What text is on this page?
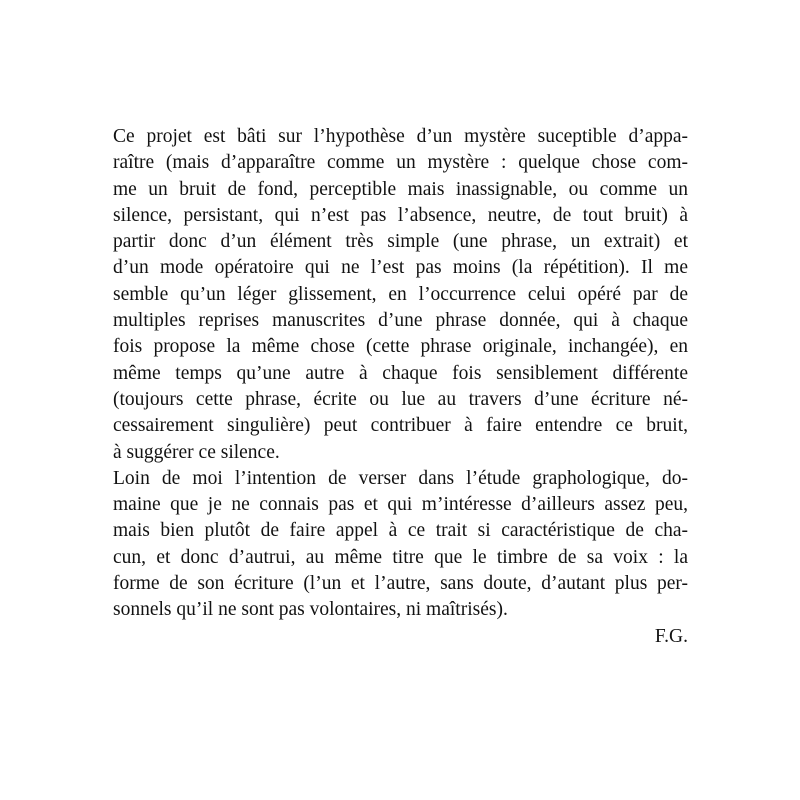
Ce projet est bâti sur l’hypothèse d’un mystère suceptible d’appa-
raître (mais d’apparaître comme un mystère : quelque chose com-
me un bruit de fond, perceptible mais inassignable, ou comme un
silence, persistant, qui n’est pas l’absence, neutre, de tout bruit) à
partir donc d’un élément très simple (une phrase, un extrait) et
d’un mode opératoire qui ne l’est pas moins (la répétition). Il me
semble qu’un léger glissement, en l’occurrence celui opéré par de
multiples reprises manuscrites d’une phrase donnée, qui à chaque
fois propose la même chose (cette phrase originale, inchangée), en
même temps qu’une autre à chaque fois sensiblement différente
(toujours cette phrase, écrite ou lue au travers d’une écriture né-
cessairement singulière) peut contribuer à faire entendre ce bruit,
à suggérer ce silence.
Loin de moi l’intention de verser dans l’étude graphologique, do-
maine que je ne connais pas et qui m’intéresse d’ailleurs assez peu,
mais bien plutôt de faire appel à ce trait si caractéristique de cha-
cun, et donc d’autrui, au même titre que le timbre de sa voix : la
forme de son écriture (l’un et l’autre, sans doute, d’autant plus per-
sonnels qu’il ne sont pas volontaires, ni maîtrisés).
F.G.
